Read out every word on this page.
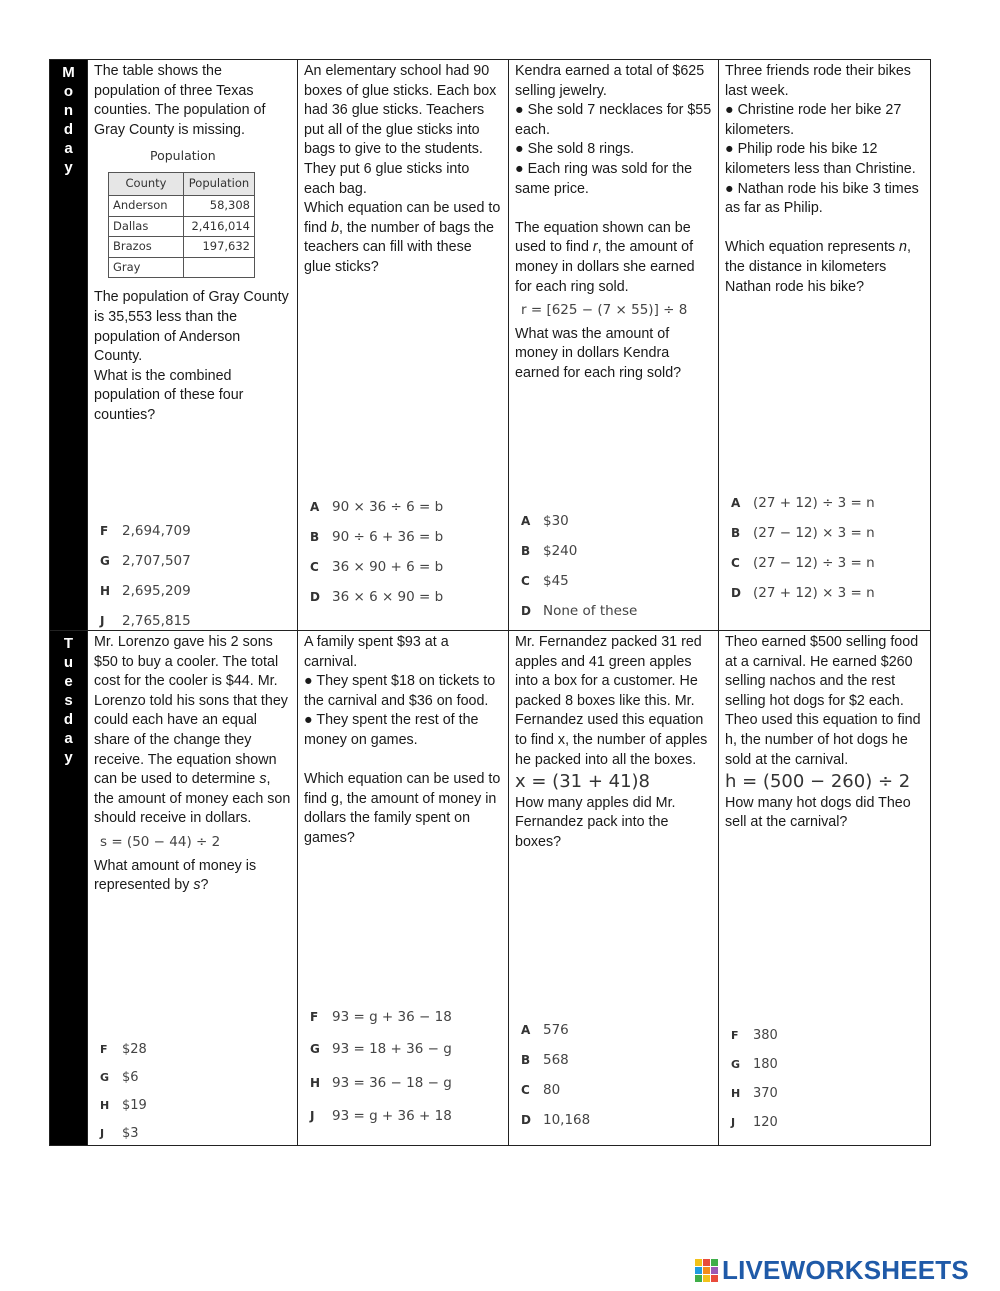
M
o
n
d
a
y

The table shows the population of three Texas counties. The population of Gray County is missing.

Population
County	Population
Anderson	58,308
Dallas	2,416,014
Brazos	197,632
Gray	

The population of Gray County is 35,553 less than the population of Anderson County.

What is the combined population of these four counties?

F	2,694,709
G 2,707,507
H 2,695,209
J	2,765,815

An elementary school had 90 boxes of glue sticks. Each box had 36 glue sticks. Teachers put all of the glue sticks into bags to give to the students. They put 6 glue sticks into each bag.

Which equation can be used to find b, the number of bags the teachers can fill with these glue sticks?

A 90 × 36 ÷ 6 = b
B 90 ÷ 6 + 36 = b
C 36 × 90 + 6 = b
D 36 × 6 × 90 = b

Kendra earned a total of $625 selling jewelry.

● She sold 7 necklaces for $55 each.

● She sold 8 rings.

● Each ring was sold for the same price.

The equation shown can be used to find r, the amount of money in dollars she earned for each ring sold.

r = [625 − (7 × 55)] ÷ 8

What was the amount of money in dollars Kendra earned for each ring sold?

A $30
B $240
C $45
D None of these

Three friends rode their bikes last week.

● Christine rode her bike 27 kilometers.

● Philip rode his bike 12 kilometers less than Christine.

● Nathan rode his bike 3 times as far as Philip.

Which equation represents n, the distance in kilometers Nathan rode his bike?

A (27 + 12) ÷ 3 = n
B (27 − 12) × 3 = n
C (27 − 12) ÷ 3 = n
D (27 + 12) × 3 = n

T
u
e
s
d
a
y

Mr. Lorenzo gave his 2 sons $50 to buy a cooler. The total cost for the cooler is $44. Mr. Lorenzo told his sons that they could each have an equal share of the change they receive. The equation shown can be used to determine s, the amount of money each son should receive in dollars.

s = (50 − 44) ÷ 2

What amount of money is represented by s?

F	$28
G $6
H $19
J	$3

A family spent $93 at a carnival.

● They spent $18 on tickets to the carnival and $36 on food.

● They spent the rest of the money on games.

Which equation can be used to find g, the amount of money in dollars the family spent on games?

F	93 = g + 36 − 18
G 93 = 18 + 36 − g
H 93 = 36 − 18 − g
J	93 = g + 36 + 18

Mr. Fernandez packed 31 red apples and 41 green apples into a box for a customer. He packed 8 boxes like this. Mr. Fernandez used this equation to find x, the number of apples he packed into all the boxes.

x = (31 + 41)8

How many apples did Mr. Fernandez pack into the boxes?

A 576
B 568
C 80
D 10,168

Theo earned $500 selling food at a carnival. He earned $260 selling nachos and the rest selling hot dogs for $2 each. Theo used this equation to find h, the number of hot dogs he sold at the carnival.

h = (500 − 260) ÷ 2

How many hot dogs did Theo sell at the carnival?

F	380
G 180
H 370
J	120
LIVEWORKSHEETS
